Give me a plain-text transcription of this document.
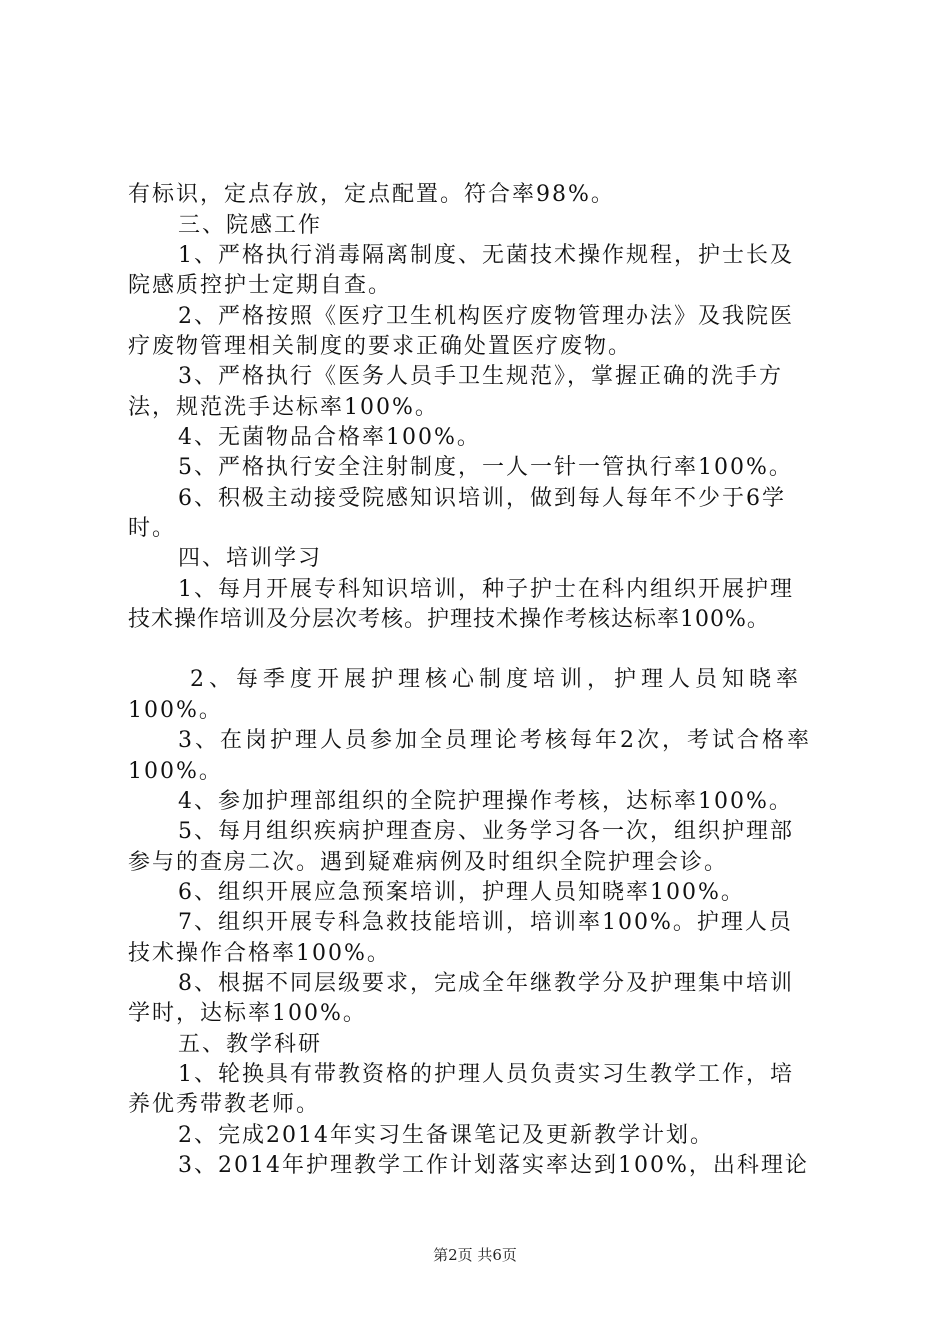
有标识，定点存放，定点配置。符合率98%。
三、院感工作
1、严格执行消毒隔离制度、无菌技术操作规程，护士长及
院感质控护士定期自查。
2、严格按照《医疗卫生机构医疗废物管理办法》及我院医
疗废物管理相关制度的要求正确处置医疗废物。
3、严格执行《医务人员手卫生规范》，掌握正确的洗手方
法，规范洗手达标率100%。
4、无菌物品合格率100%。
5、严格执行安全注射制度，一人一针一管执行率100%。
6、积极主动接受院感知识培训，做到每人每年不少于6学
时。
四、培训学习
1、每月开展专科知识培训，种子护士在科内组织开展护理
技术操作培训及分层次考核。护理技术操作考核达标率100%。
2、每季度开展护理核心制度培训，护理人员知晓率
100%。
3、在岗护理人员参加全员理论考核每年2次，考试合格率
100%。
4、参加护理部组织的全院护理操作考核，达标率100%。
5、每月组织疾病护理查房、业务学习各一次，组织护理部
参与的查房二次。遇到疑难病例及时组织全院护理会诊。
6、组织开展应急预案培训，护理人员知晓率100%。
7、组织开展专科急救技能培训，培训率100%。护理人员
技术操作合格率100%。
8、根据不同层级要求，完成全年继教学分及护理集中培训
学时，达标率100%。
五、教学科研
1、轮换具有带教资格的护理人员负责实习生教学工作，培
养优秀带教老师。
2、完成2014年实习生备课笔记及更新教学计划。
3、2014年护理教学工作计划落实率达到100%，出科理论
第2页 共6页
